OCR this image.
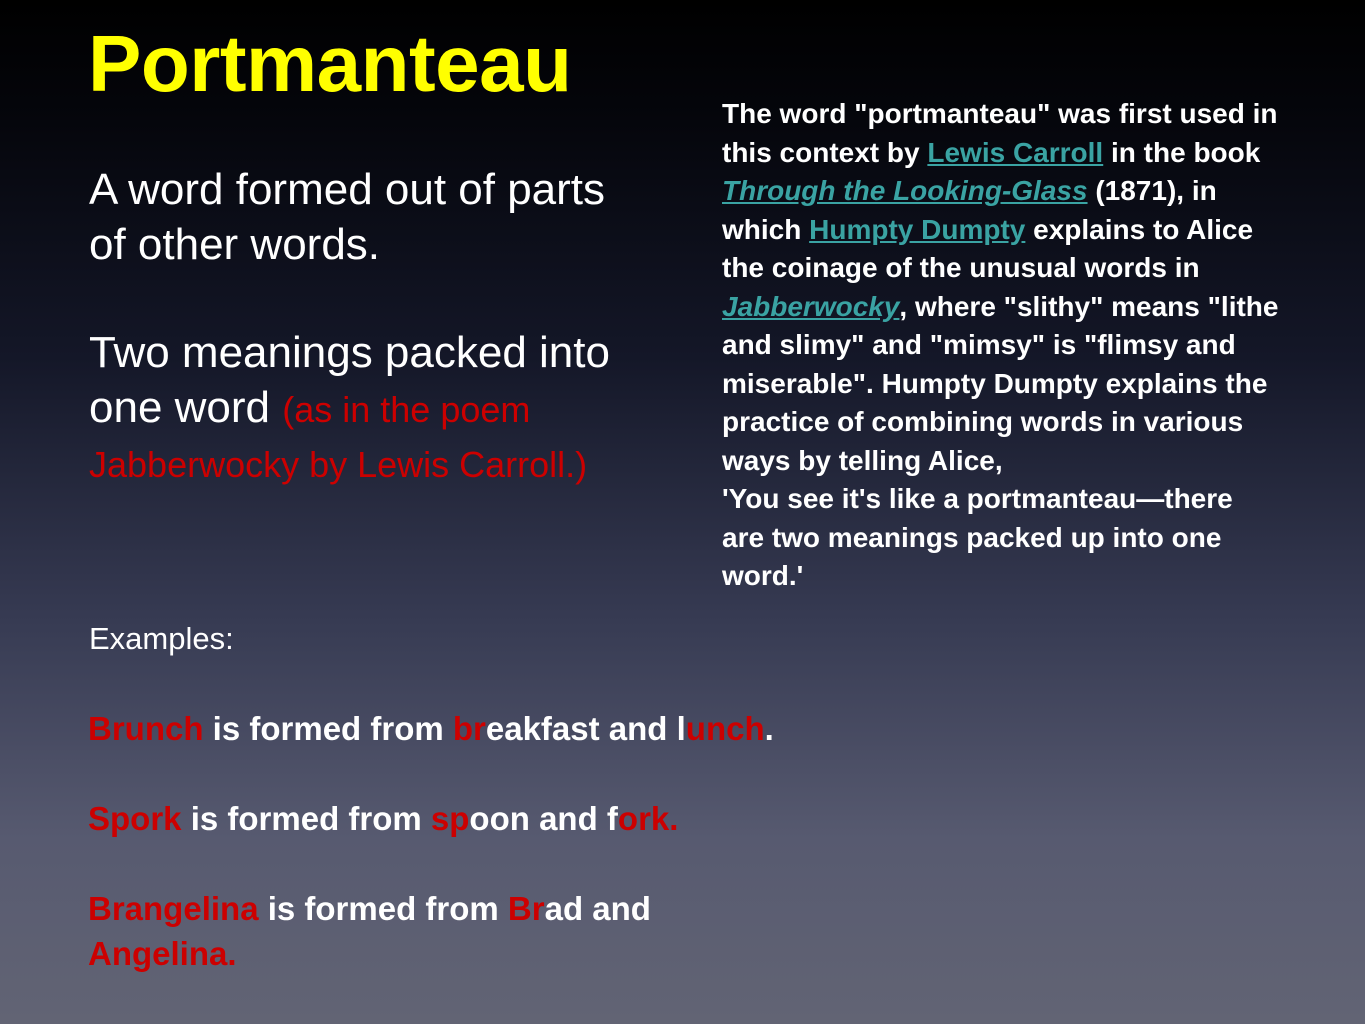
Portmanteau

A word formed out of parts of other words.

Two meanings packed into one word (as in the poem Jabberwocky by Lewis Carroll.)

The word "portmanteau" was first used in this context by Lewis Carroll in the book Through the Looking-Glass (1871), in which Humpty Dumpty explains to Alice the coinage of the unusual words in Jabberwocky, where "slithy" means "lithe and slimy" and "mimsy" is "flimsy and miserable". Humpty Dumpty explains the practice of combining words in various ways by telling Alice,
'You see it's like a portmanteau—there are two meanings packed up into one word.'

Examples:

Brunch is formed from breakfast and lunch.

Spork is formed from spoon and fork.

Brangelina is formed from Brad and
Angelina.
